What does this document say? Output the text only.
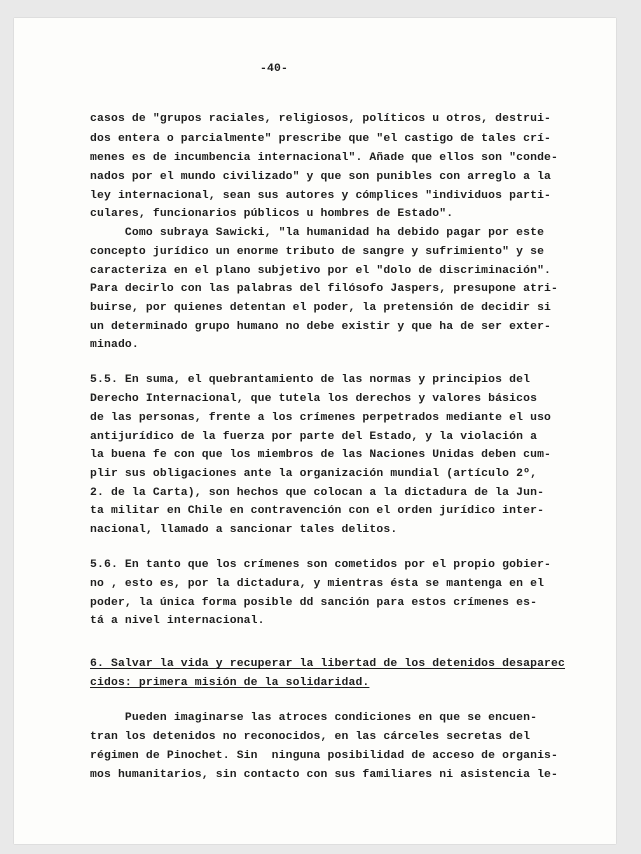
-40-
casos de "grupos raciales, religiosos, políticos u otros, destrui-
dos entera o parcialmente" prescribe que "el castigo de tales crí-
menes es de incumbencia internacional". Añade que ellos son "conde-
nados por el mundo civilizado" y que son punibles con arreglo a la
ley internacional, sean sus autores y cómplices "individuos parti-
culares, funcionarios públicos u hombres de Estado".
Como subraya Sawicki, "la humanidad ha debido pagar por este
concepto jurídico un enorme tributo de sangre y sufrimiento" y se
caracteriza en el plano subjetivo por el "dolo de discriminación".
Para decirlo con las palabras del filósofo Jaspers, presupone atri-
buirse, por quienes detentan el poder, la pretensión de decidir si
un determinado grupo humano no debe existir y que ha de ser exter-
minado.
5.5. En suma, el quebrantamiento de las normas y principios del
Derecho Internacional, que tutela los derechos y valores básicos
de las personas, frente a los crímenes perpetrados mediante el uso
antijurídico de la fuerza por parte del Estado, y la violación a
la buena fe con que los miembros de las Naciones Unidas deben cum-
plir sus obligaciones ante la organización mundial (artículo 2º,
2. de la Carta), son hechos que colocan a la dictadura de la Jun-
ta militar en Chile en contravención con el orden jurídico inter-
nacional, llamado a sancionar tales delitos.
5.6. En tanto que los crímenes son cometidos por el propio gobier-
no , esto es, por la dictadura, y mientras ésta se mantenga en el
poder, la única forma posible dd sanción para estos crímenes es-
tá a nivel internacional.
6. Salvar la vida y recuperar la libertad de los detenidos desaparec
cidos: primera misión de la solidaridad.
Pueden imaginarse las atroces condiciones en que se encuen-
tran los detenidos no reconocidos, en las cárceles secretas del
régimen de Pinochet. Sin  ninguna posibilidad de acceso de organis-
mos humanitarios, sin contacto con sus familiares ni asistencia le-
